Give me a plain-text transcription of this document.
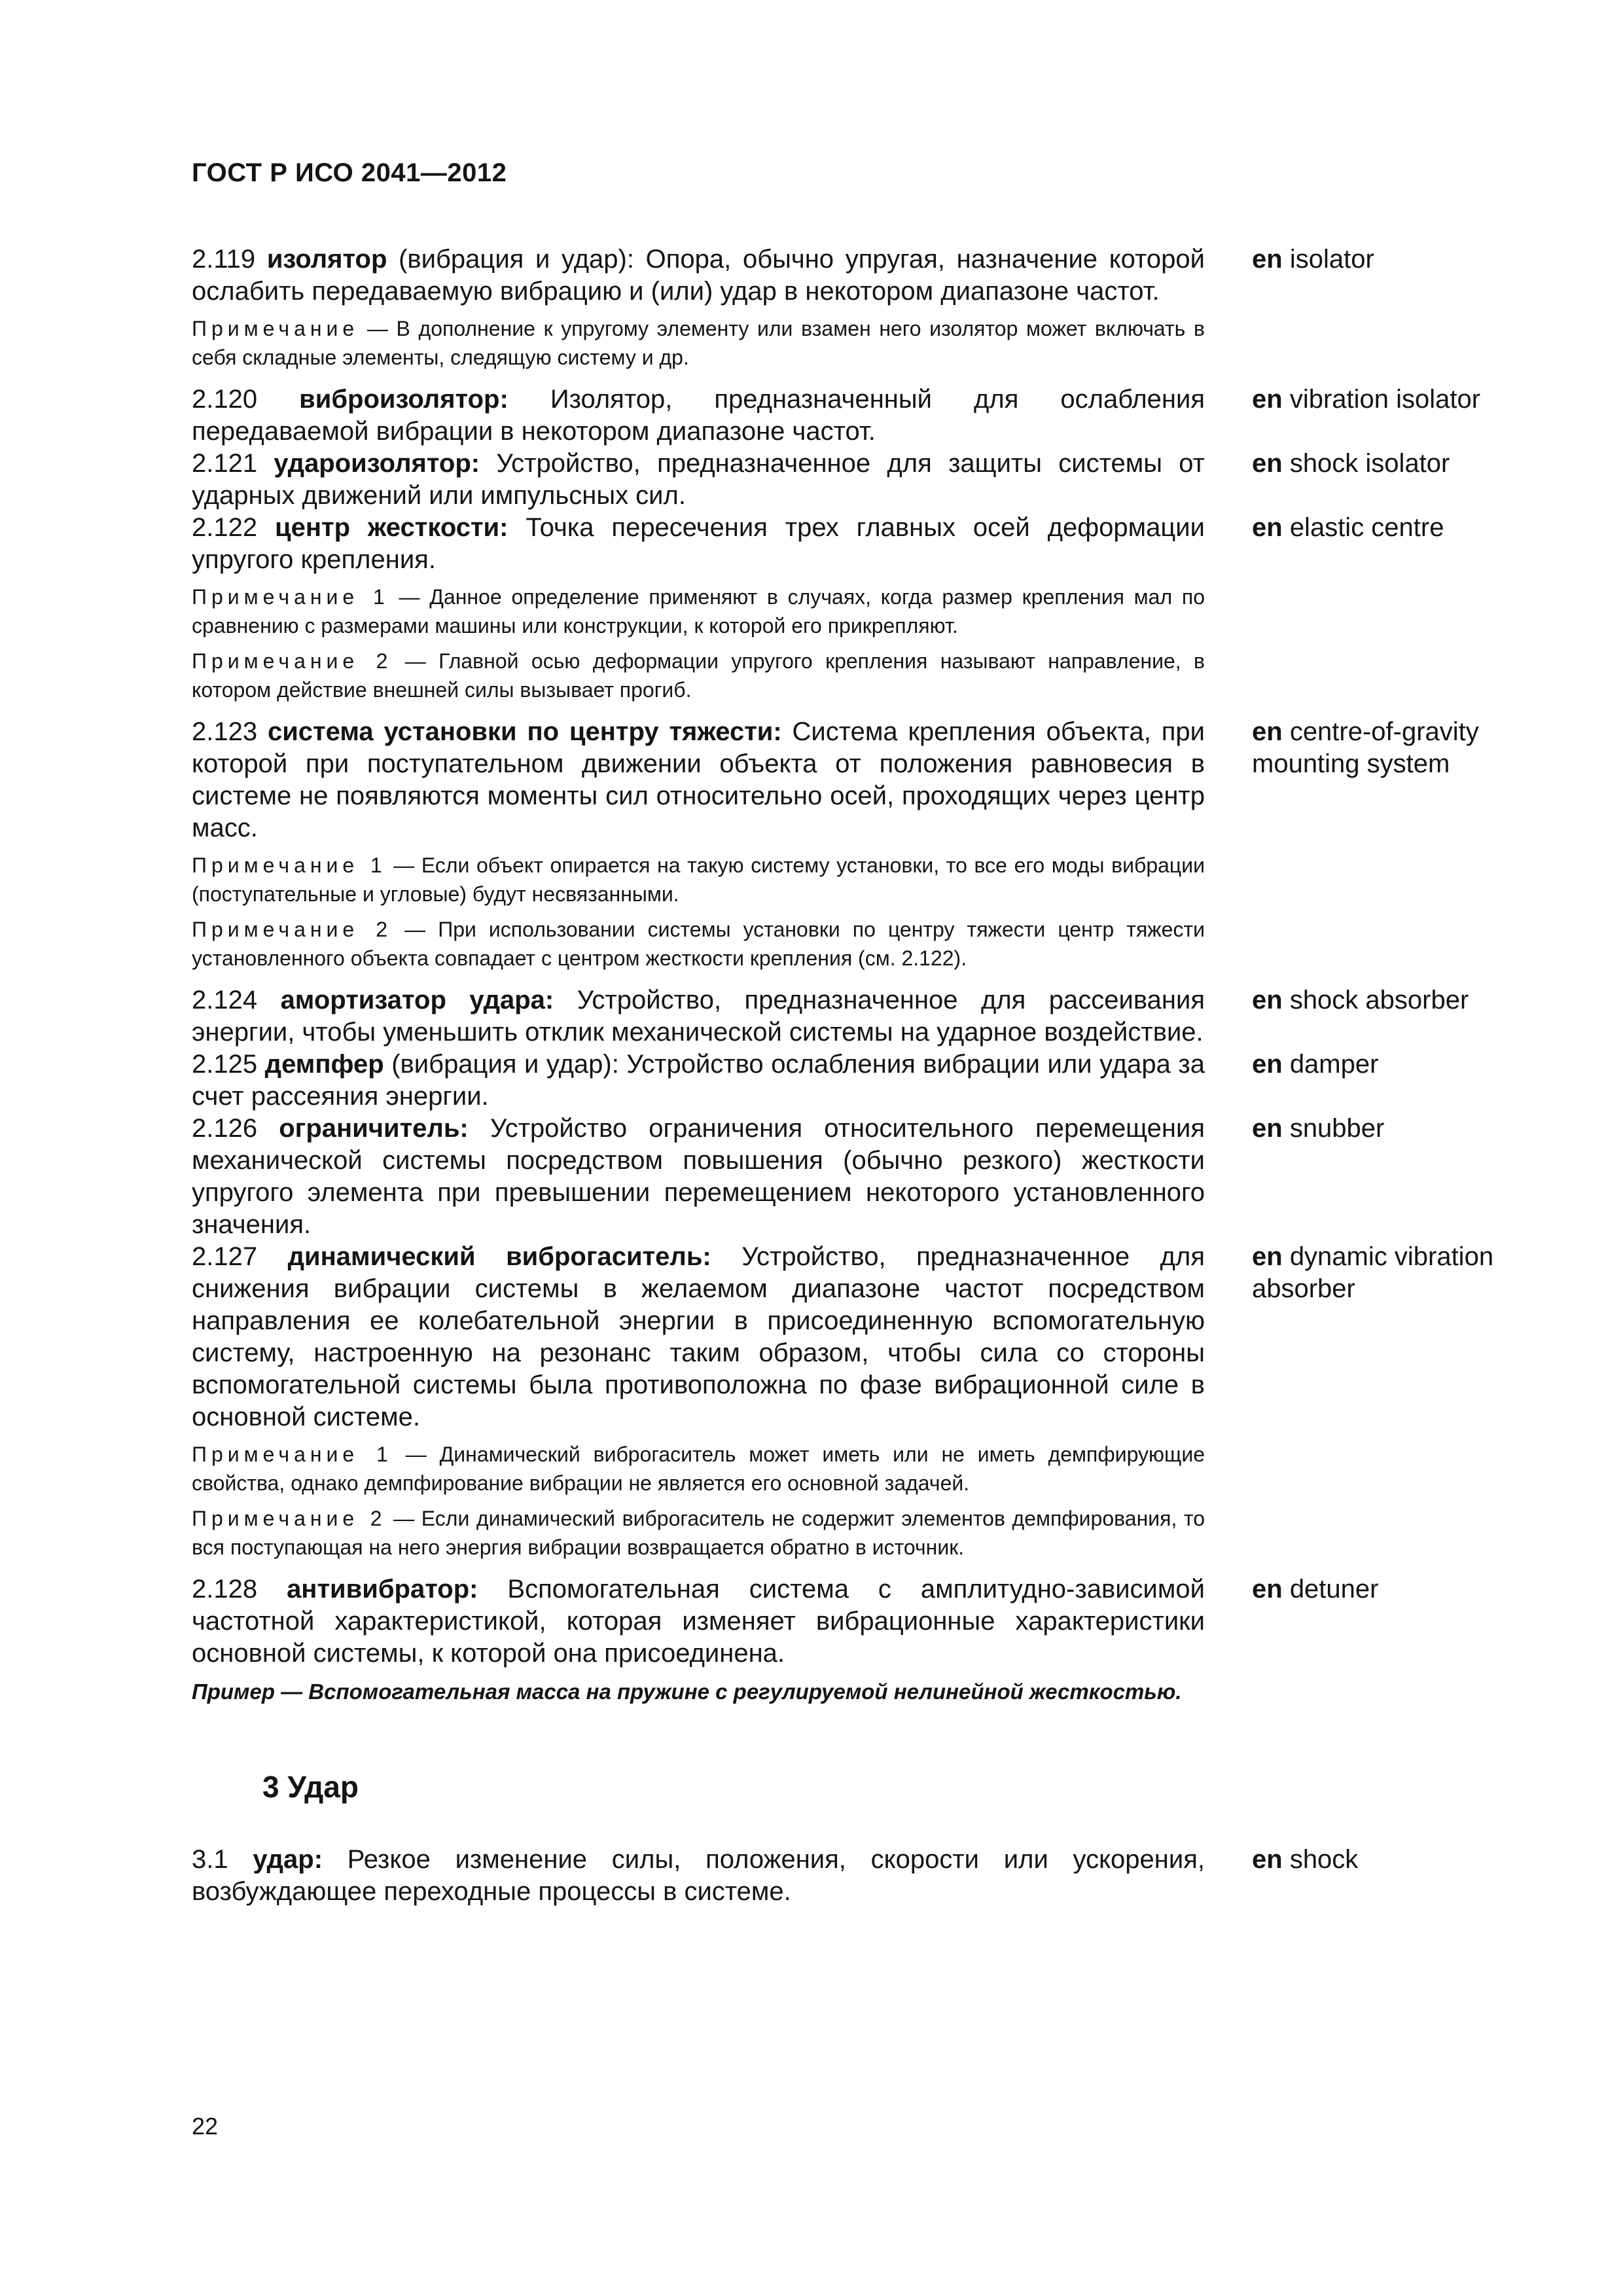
ГОСТ Р ИСО 2041—2012
2.119 изолятор (вибрация и удар): Опора, обычно упругая, назначение которой ослабить передаваемую вибрацию и (или) удар в некотором диапазоне частот.
en isolator
Примечание — В дополнение к упругому элементу или взамен него изолятор может включать в себя складные элементы, следящую систему и др.
2.120 виброизолятор: Изолятор, предназначенный для ослабления передаваемой вибрации в некотором диапазоне частот.
en vibration isolator
2.121 удароизолятор: Устройство, предназначенное для защиты системы от ударных движений или импульсных сил.
en shock isolator
2.122 центр жесткости: Точка пересечения трех главных осей деформации упругого крепления.
en elastic centre
Примечание 1 — Данное определение применяют в случаях, когда размер крепления мал по сравнению с размерами машины или конструкции, к которой его прикрепляют.
Примечание 2 — Главной осью деформации упругого крепления называют направление, в котором действие внешней силы вызывает прогиб.
2.123 система установки по центру тяжести: Система крепления объекта, при которой при поступательном движении объекта от положения равновесия в системе не появляются моменты сил относительно осей, проходящих через центр масс.
en centre-of-gravity mounting system
Примечание 1 — Если объект опирается на такую систему установки, то все его моды вибрации (поступательные и угловые) будут несвязанными.
Примечание 2 — При использовании системы установки по центру тяжести центр тяжести установленного объекта совпадает с центром жесткости крепления (см. 2.122).
2.124 амортизатор удара: Устройство, предназначенное для рассеивания энергии, чтобы уменьшить отклик механической системы на ударное воздействие.
en shock absorber
2.125 демпфер (вибрация и удар): Устройство ослабления вибрации или удара за счет рассеяния энергии.
en damper
2.126 ограничитель: Устройство ограничения относительного перемещения механической системы посредством повышения (обычно резкого) жесткости упругого элемента при превышении перемещением некоторого установленного значения.
en snubber
2.127 динамический виброгаситель: Устройство, предназначенное для снижения вибрации системы в желаемом диапазоне частот посредством направления ее колебательной энергии в присоединенную вспомогательную систему, настроенную на резонанс таким образом, чтобы сила со стороны вспомогательной системы была противоположна по фазе вибрационной силе в основной системе.
en dynamic vibration absorber
Примечание 1 — Динамический виброгаситель может иметь или не иметь демпфирующие свойства, однако демпфирование вибрации не является его основной задачей.
Примечание 2 — Если динамический виброгаситель не содержит элементов демпфирования, то вся поступающая на него энергия вибрации возвращается обратно в источник.
2.128 антивибратор: Вспомогательная система с амплитудно-зависимой частотной характеристикой, которая изменяет вибрационные характеристики основной системы, к которой она присоединена.
en detuner
Пример — Вспомогательная масса на пружине с регулируемой нелинейной жесткостью.
3 Удар
3.1 удар: Резкое изменение силы, положения, скорости или ускорения, возбуждающее переходные процессы в системе.
en shock
22
